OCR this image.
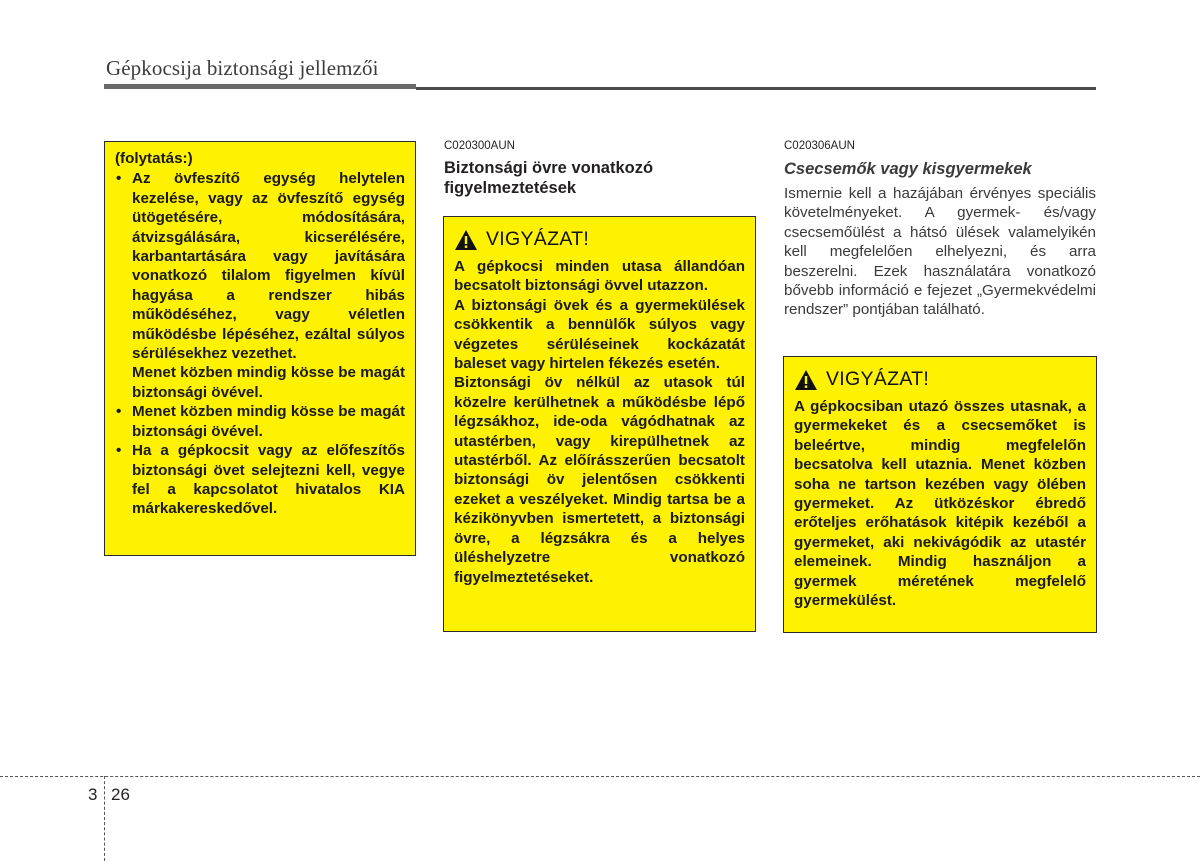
Gépkocsija biztonsági jellemzői

(folytatás:)

• Az övfeszítő egység helytelen kezelése, vagy az övfeszítő egység ütögetésére, módosítására, átvizsgálására, kicserélésére, karbantartására vagy javítására vonatkozó tilalom figyelmen kívül hagyása a rendszer hibás működéséhez, vagy véletlen működésbe lépéséhez, ezáltal súlyos sérülésekhez vezethet.

Menet közben mindig kösse be magát biztonsági övével.

• Menet közben mindig kösse be magát biztonsági övével.

• Ha a gépkocsit vagy az előfeszítős biztonsági övet selejtezni kell, vegye fel a kapcsolatot hivatalos KIA márkakereskedővel.

C020300AUN
Biztonsági övre vonatkozó figyelmeztetések
VIGYÁZAT!

A gépkocsi minden utasa állandóan becsatolt biztonsági övvel utazzon.

A biztonsági övek és a gyermekülések csökkentik a bennülők súlyos vagy végzetes sérüléseinek kockázatát baleset vagy hirtelen fékezés esetén.

Biztonsági öv nélkül az utasok túl közelre kerülhetnek a működésbe lépő légzsákhoz, ide-oda vágódhatnak az utastérben, vagy kirepülhetnek az utastérből. Az előírásszerűen becsatolt biztonsági öv jelentősen csökkenti ezeket a veszélyeket. Mindig tartsa be a kézikönyvben ismertetett, a biztonsági övre, a légzsákra és a helyes üléshelyzetre vonatkozó figyelmeztetéseket.

C020306AUN
Csecsemők vagy kisgyermekek
Ismernie kell a hazájában érvényes speciális követelményeket. A gyermek- és/vagy csecsemőülést a hátsó ülések valamelyikén kell megfelelően elhelyezni, és arra beszerelni. Ezek használatára vonatkozó bővebb információ e fejezet „Gyermekvédelmi rendszer” pontjában található.
VIGYÁZAT!

A gépkocsiban utazó összes utasnak, a gyermekeket és a csecsemőket is beleértve, mindig megfelelőn becsatolva kell utaznia. Menet közben soha ne tartson kezében vagy ölében gyermeket. Az ütközéskor ébredő erőteljes erőhatások kitépik kezéből a gyermeket, aki nekivágódik az utastér elemeinek. Mindig használjon a gyermek méretének megfelelő gyermekülést.

3 26
